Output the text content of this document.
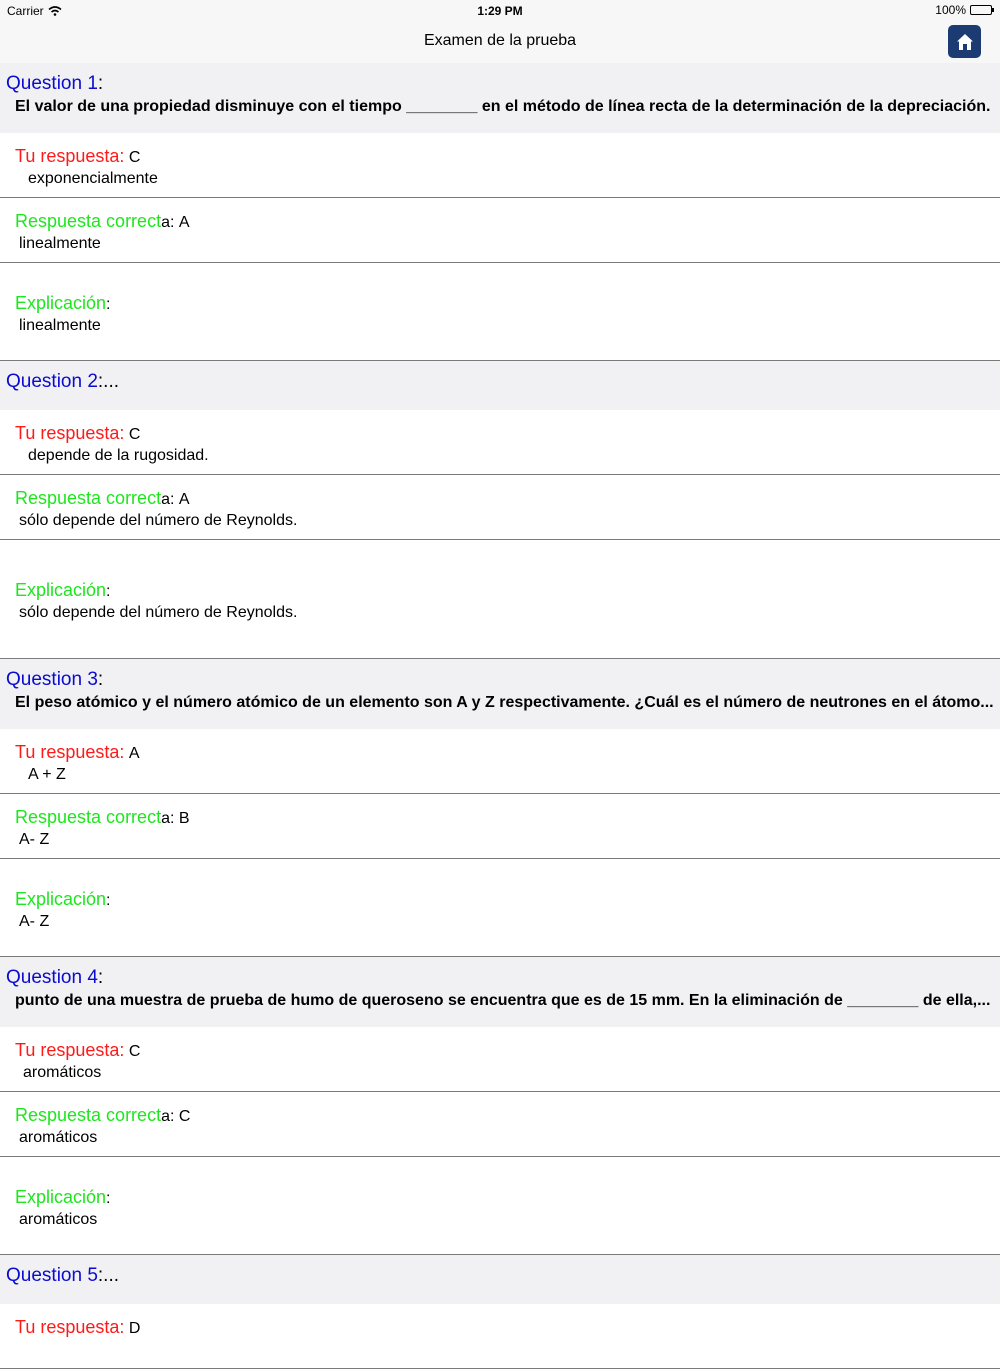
Carrier	1:29 PM	100%
Examen de la prueba
Question 1:
El valor de una propiedad disminuye con el tiempo ________ en el método de línea recta de la determinación de la depreciación.
Tu respuesta: C
exponencialmente
Respuesta correcta: A
linealmente
Explicación:
linealmente
Question 2:...
Tu respuesta: C
depende de la rugosidad.
Respuesta correcta: A
sólo depende del número de Reynolds.
Explicación:
sólo depende del número de Reynolds.
Question 3:
El peso atómico y el número atómico de un elemento son A y Z respectivamente. ¿Cuál es el número de neutrones en el átomo...
Tu respuesta: A
A + Z
Respuesta correcta: B
A- Z
Explicación:
A- Z
Question 4:
punto de una muestra de prueba de humo de queroseno se encuentra que es de 15 mm. En la eliminación de ________ de ella,...
Tu respuesta: C
aromáticos
Respuesta correcta: C
aromáticos
Explicación:
aromáticos
Question 5:...
Tu respuesta: D
